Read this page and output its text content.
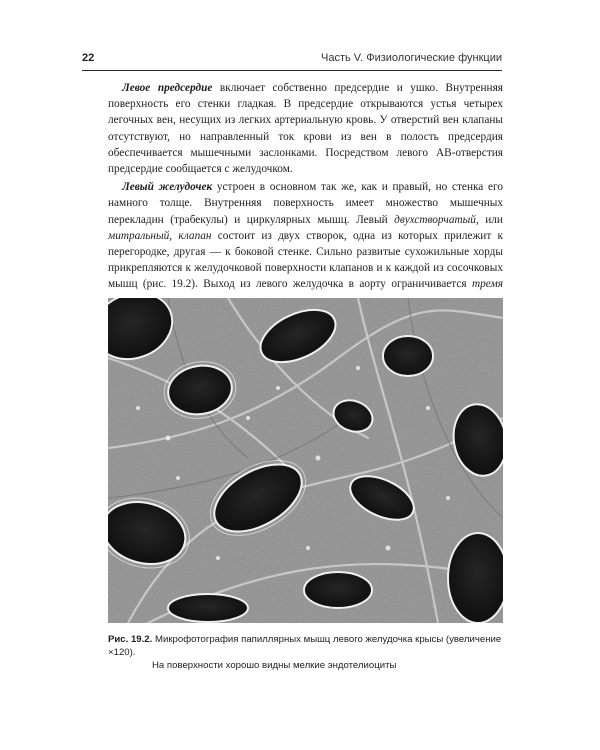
22	Часть V. Физиологические функции

Левое предсердие включает собственно предсердие и ушко. Внутренняя поверхность его стенки гладкая. В предсердие открываются устья четырех легочных вен, несущих из легких артериальную кровь. У отверстий вен клапаны отсутствуют, но направленный ток крови из вен в полость предсердия обеспечивается мышечными заслонками. Посредством левого АВ-отверстия предсердие сообщается с желудочком.

Левый желудочек устроен в основном так же, как и правый, но стенка его намного толще. Внутренняя поверхность имеет множество мышечных перекладин (трабекулы) и циркулярных мышц. Левый двухстворчатый, или митральный, клапан состоит из двух створок, одна из которых прилежит к перегородке, другая — к боковой стенке. Сильно развитые сухожильные хорды прикрепляются к желудочковой поверхности клапанов и к каждой из сосочковых мышц (рис. 19.2). Выход из левого желудочка в аорту ограничивается тремя

Рис. 19.2. Микрофотография папиллярных мышц левого желудочка крысы (увеличение ×120).
На поверхности хорошо видны мелкие эндотелиоциты
